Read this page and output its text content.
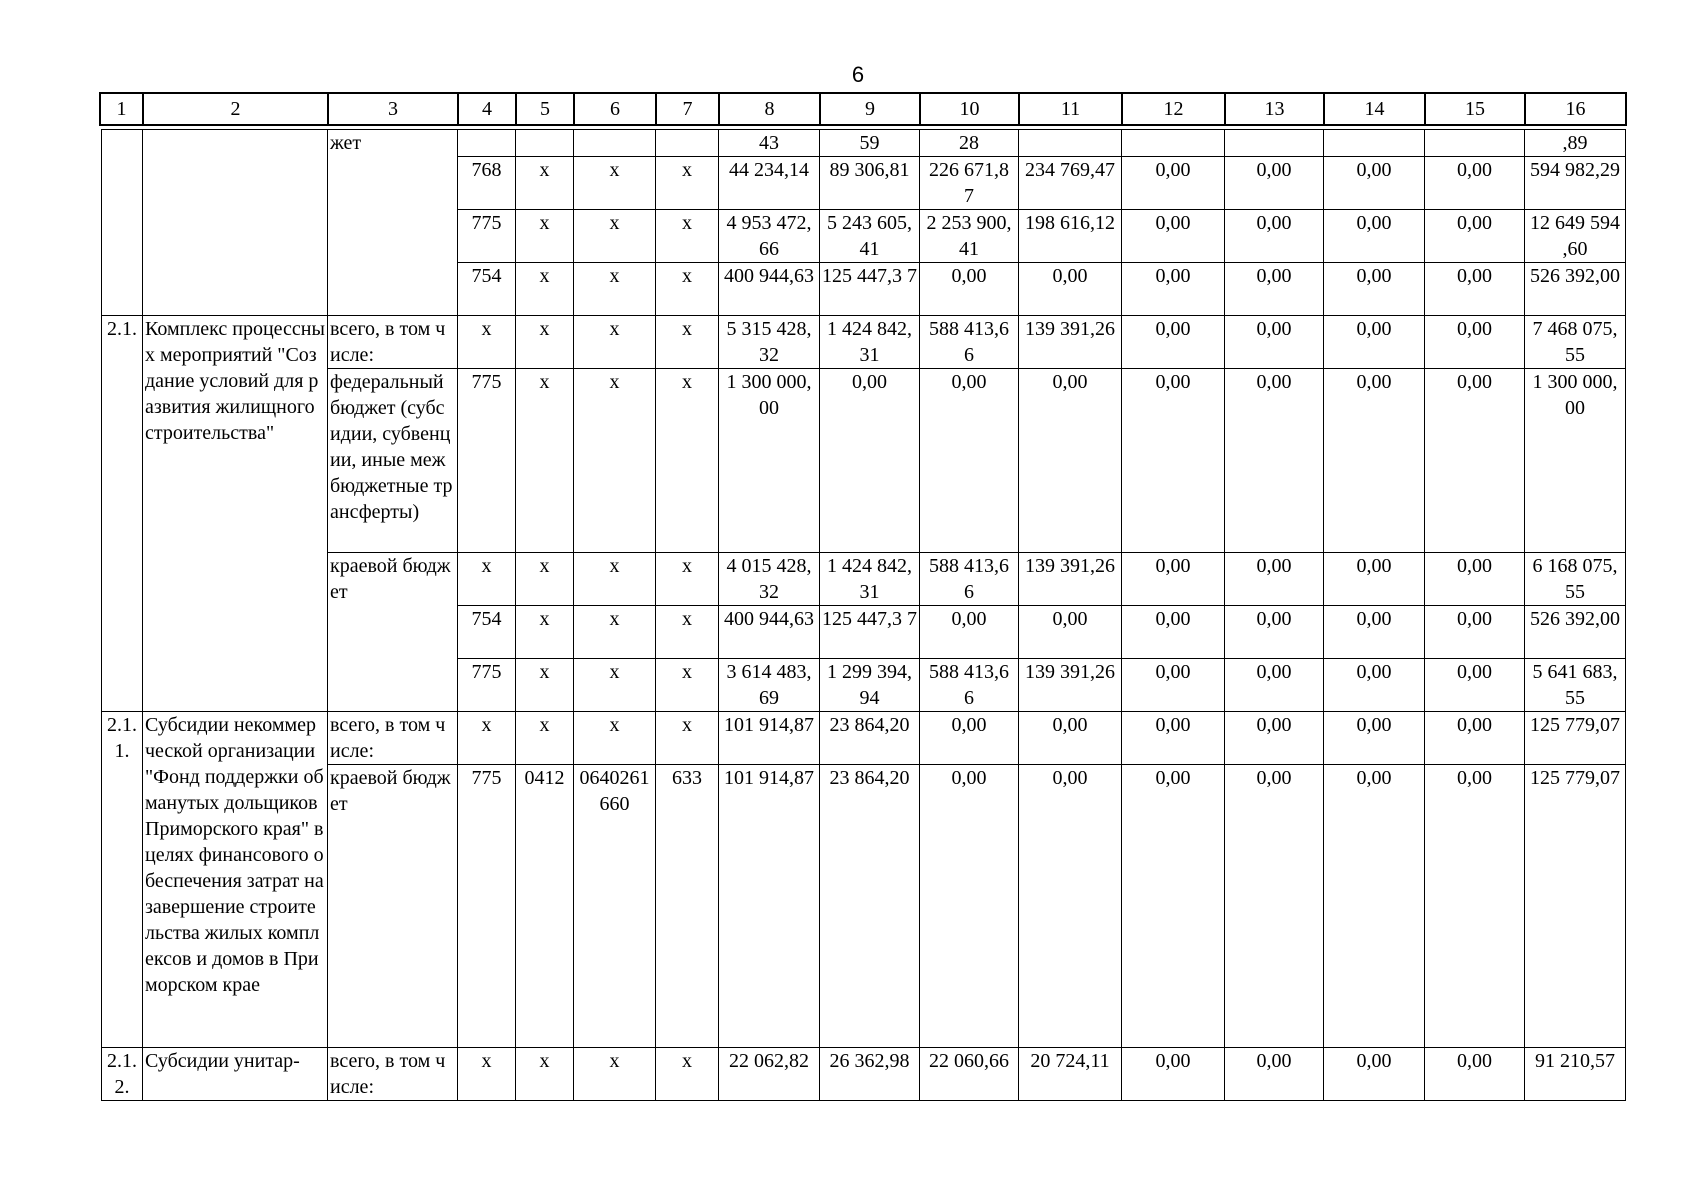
6
1	2	3	4	5	6	7	8	9	10	11	12	13	14	15	16
		жет					43	59	28						,89
			768	x	x	x	44 234,14	89 306,81	226 671,8 7	234 769,47	0,00	0,00	0,00	0,00	594 982,29
			775	x	x	x	4 953 472, 66	5 243 605, 41	2 253 900, 41	198 616,12	0,00	0,00	0,00	0,00	12 649 594 ,60
			754	x	x	x	400 944,63	125 447,3 7	0,00	0,00	0,00	0,00	0,00	0,00	526 392,00
2.1.	Комплекс процессных мероприятий "Создание условий для развития жилищного строительства"	всего, в том числе:	x	x	x	x	5 315 428, 32	1 424 842, 31	588 413,6 6	139 391,26	0,00	0,00	0,00	0,00	7 468 075, 55
		федеральный бюджет (субсидии, субвенции, иные межбюджетные трансферты)	775	x	x	x	1 300 000, 00	0,00	0,00	0,00	0,00	0,00	0,00	0,00	1 300 000, 00
		краевой бюджет	x	x	x	x	4 015 428, 32	1 424 842, 31	588 413,6 6	139 391,26	0,00	0,00	0,00	0,00	6 168 075, 55
			754	x	x	x	400 944,63	125 447,3 7	0,00	0,00	0,00	0,00	0,00	0,00	526 392,00
			775	x	x	x	3 614 483, 69	1 299 394, 94	588 413,6 6	139 391,26	0,00	0,00	0,00	0,00	5 641 683, 55
2.1. 1.	Субсидии некоммерческой организации "Фонд поддержки обманутых дольщиков Приморского края" в целях финансового обеспечения затрат на завершение строительства жилых комплексов и домов в Приморском крае	всего, в том числе:	x	x	x	x	101 914,87	23 864,20	0,00	0,00	0,00	0,00	0,00	0,00	125 779,07
		краевой бюджет	775	0412	0640261 660	633	101 914,87	23 864,20	0,00	0,00	0,00	0,00	0,00	0,00	125 779,07
2.1. 2.	Субсидии унитар-	всего, в том числе:	x	x	x	x	22 062,82	26 362,98	22 060,66	20 724,11	0,00	0,00	0,00	0,00	91 210,57
